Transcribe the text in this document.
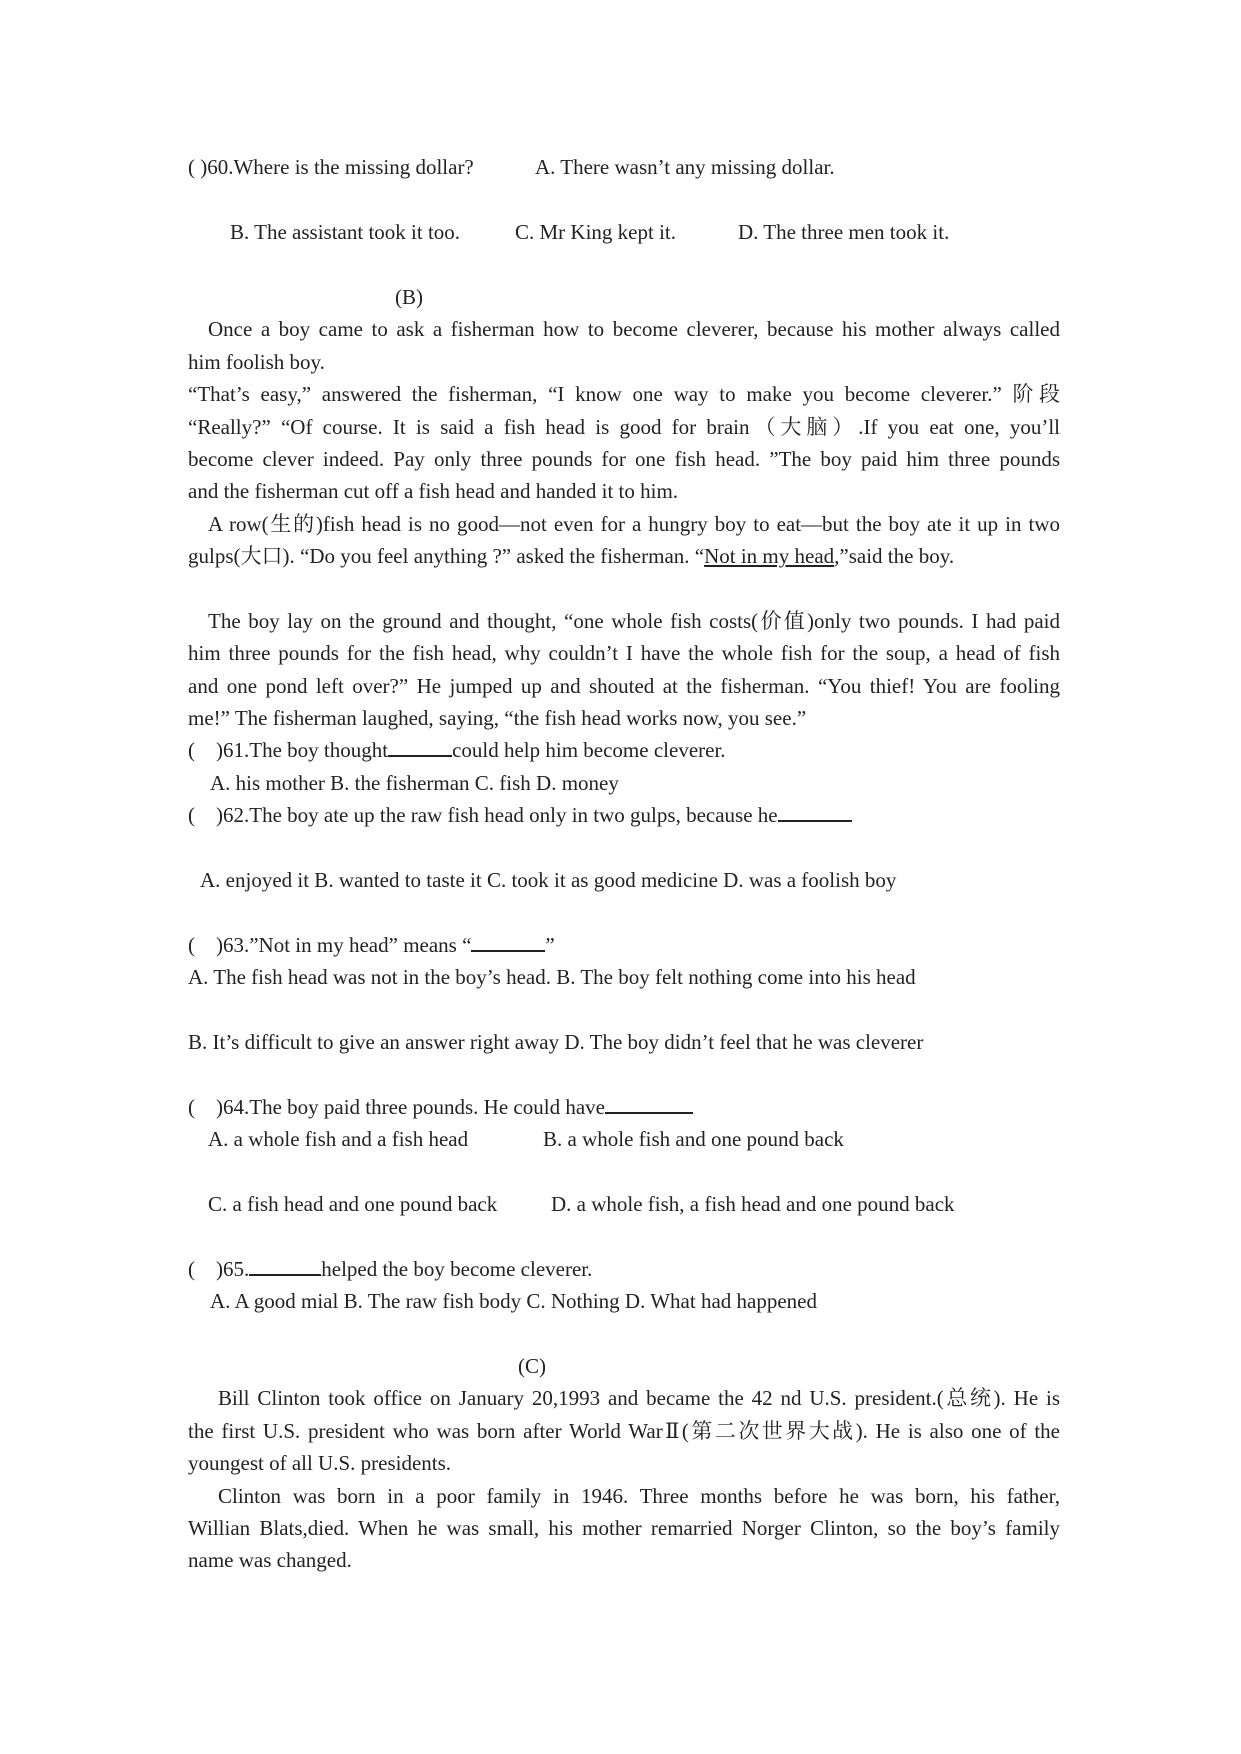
( )60.Where is the missing dollar?	A. There wasn’t any missing dollar.
B. The assistant took it too.	C. Mr King kept it.	D. The three men took it.
(B)
Once a boy came to ask a fisherman how to become cleverer, because his mother always called
him foolish boy.
“That’s easy,” answered the fisherman, “I know one way to make you become cleverer.” 阶段
“Really?” “Of course. It is said a fish head is good for brain（大脑）.If you eat one, you’ll
become clever indeed. Pay only three pounds for one fish head. ”The boy paid him three pounds
and the fisherman cut off a fish head and handed it to him.
A row(生的)fish head is no good—not even for a hungry boy to eat—but the boy ate it up in two
gulps(大口). “Do you feel anything ?” asked the fisherman. “Not in my head,”said the boy.
The boy lay on the ground and thought, “one whole fish costs(价值)only two pounds. I had paid
him three pounds for the fish head, why couldn’t I have the whole fish for the soup, a head of fish
and one pond left over?” He jumped up and shouted at the fisherman. “You thief! You are fooling
me!” The fisherman laughed, saying, “the fish head works now, you see.”
(    )61.The boy thought	could help him become cleverer.
A. his mother B. the fisherman C. fish D. money
(    )62.The boy ate up the raw fish head only in two gulps, because he
A. enjoyed it B. wanted to taste it C. took it as good medicine D. was a foolish boy
(    )63.”Not in my head” means “	”
A. The fish head was not in the boy’s head. B. The boy felt nothing come into his head
B. It’s difficult to give an answer right away D. The boy didn’t feel that he was cleverer
(    )64.The boy paid three pounds. He could have
A. a whole fish and a fish head	B. a whole fish and one pound back
C. a fish head and one pound back	D. a whole fish, a fish head and one pound back
(    )65.	helped the boy become cleverer.
A. A good mial B. The raw fish body C. Nothing D. What had happened
(C)
Bill Clinton took office on January 20,1993 and became the 42 nd U.S. president.(总统). He is
the first U.S. president who was born after World WarⅡ(第二次世界大战). He is also one of the
youngest of all U.S. presidents.
Clinton was born in a poor family in 1946. Three months before he was born, his father,
Willian Blats,died. When he was small, his mother remarried Norger Clinton, so the boy’s family
name was changed.
